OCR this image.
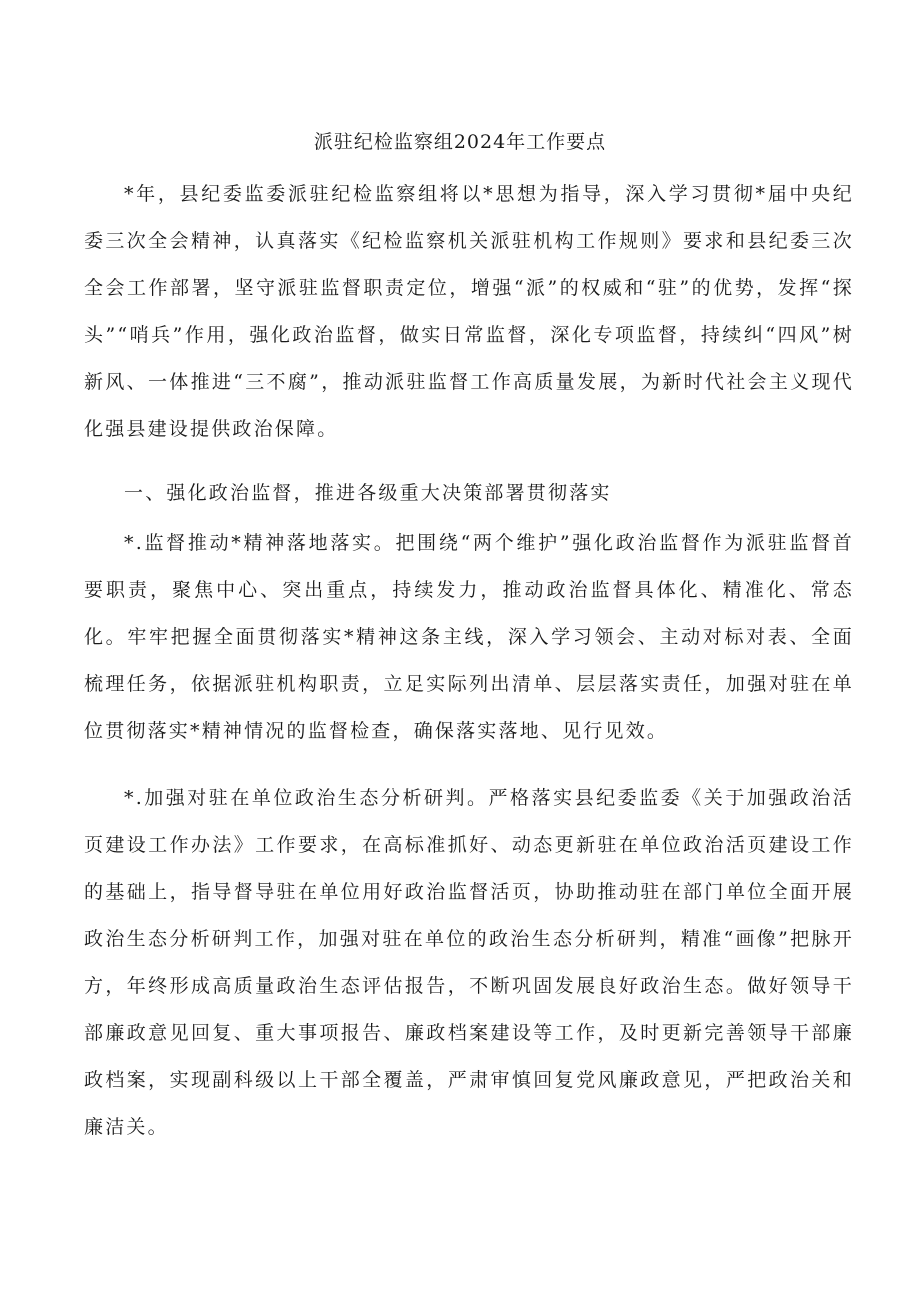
派驻纪检监察组2024年工作要点

*年，县纪委监委派驻纪检监察组将以*思想为指导，深入学习贯彻*届中央纪委三次全会精神，认真落实《纪检监察机关派驻机构工作规则》要求和县纪委三次全会工作部署，坚守派驻监督职责定位，增强“派”的权威和“驻”的优势，发挥“探头”“哨兵”作用，强化政治监督，做实日常监督，深化专项监督，持续纠“四风”树新风、一体推进“三不腐”，推动派驻监督工作高质量发展，为新时代社会主义现代化强县建设提供政治保障。

一、强化政治监督，推进各级重大决策部署贯彻落实

*.监督推动*精神落地落实。把围绕“两个维护”强化政治监督作为派驻监督首要职责，聚焦中心、突出重点，持续发力，推动政治监督具体化、精准化、常态化。牢牢把握全面贯彻落实*精神这条主线，深入学习领会、主动对标对表、全面梳理任务，依据派驻机构职责，立足实际列出清单、层层落实责任，加强对驻在单位贯彻落实*精神情况的监督检查，确保落实落地、见行见效。

*.加强对驻在单位政治生态分析研判。严格落实县纪委监委《关于加强政治活页建设工作办法》工作要求，在高标准抓好、动态更新驻在单位政治活页建设工作的基础上，指导督导驻在单位用好政治监督活页，协助推动驻在部门单位全面开展政治生态分析研判工作，加强对驻在单位的政治生态分析研判，精准“画像”把脉开方，年终形成高质量政治生态评估报告，不断巩固发展良好政治生态。做好领导干部廉政意见回复、重大事项报告、廉政档案建设等工作，及时更新完善领导干部廉政档案，实现副科级以上干部全覆盖，严肃审慎回复党风廉政意见，严把政治关和廉洁关。
